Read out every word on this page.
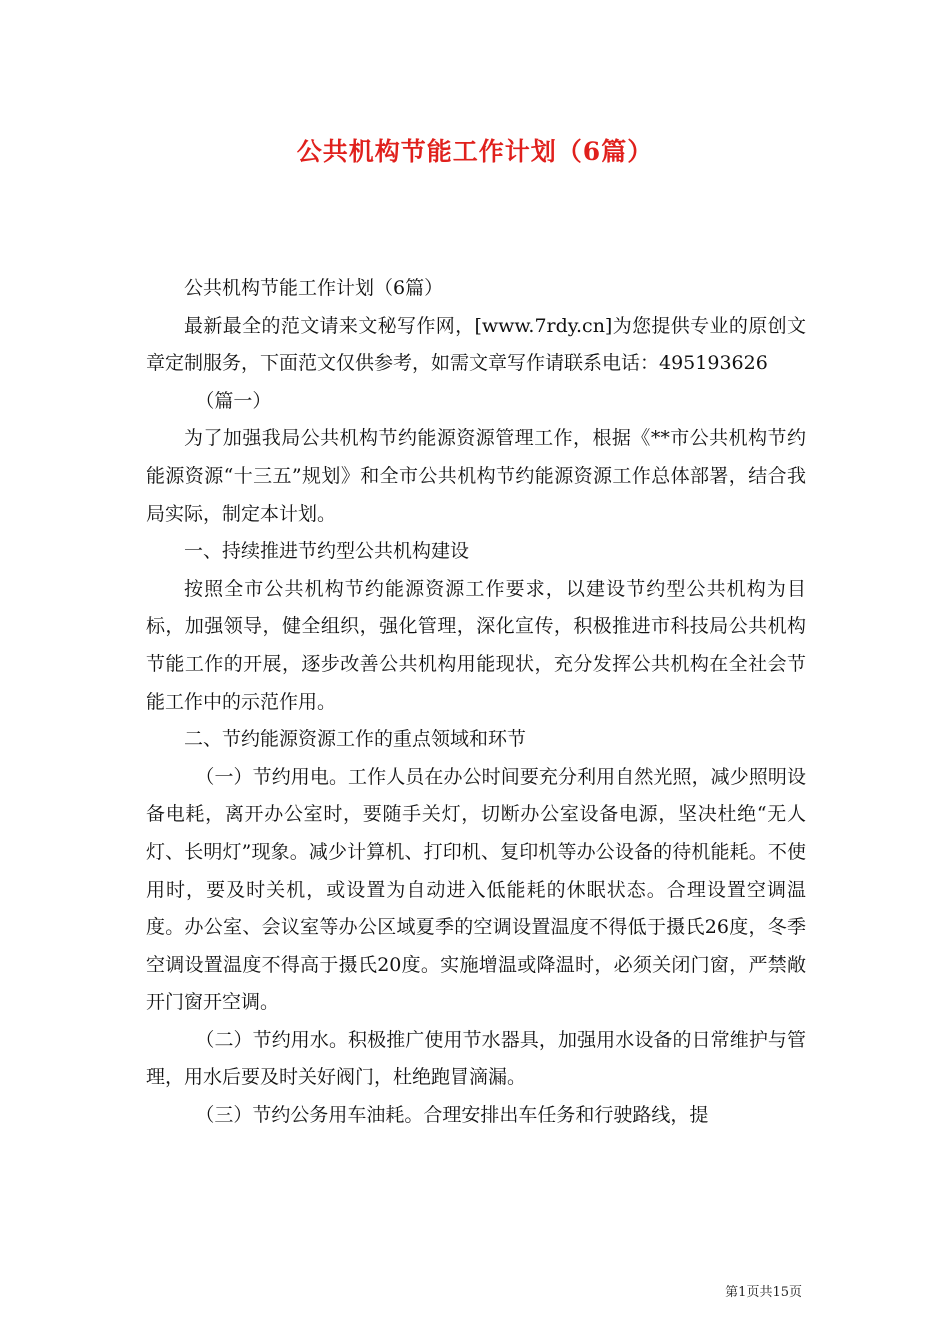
公共机构节能工作计划（6篇）

公共机构节能工作计划（6篇）

最新最全的范文请来文秘写作网，[www.7rdy.cn]为您提供专业的原创文章定制服务，下面范文仅供参考，如需文章写作请联系电话：495193626

（篇一）

为了加强我局公共机构节约能源资源管理工作，根据《**市公共机构节约能源资源“十三五”规划》和全市公共机构节约能源资源工作总体部署，结合我局实际，制定本计划。

一、持续推进节约型公共机构建设

按照全市公共机构节约能源资源工作要求，以建设节约型公共机构为目标，加强领导，健全组织，强化管理，深化宣传，积极推进市科技局公共机构节能工作的开展，逐步改善公共机构用能现状，充分发挥公共机构在全社会节能工作中的示范作用。

二、节约能源资源工作的重点领域和环节

（一）节约用电。工作人员在办公时间要充分利用自然光照，减少照明设备电耗，离开办公室时，要随手关灯，切断办公室设备电源，坚决杜绝“无人灯、长明灯”现象。减少计算机、打印机、复印机等办公设备的待机能耗。不使用时，要及时关机，或设置为自动进入低能耗的休眠状态。合理设置空调温度。办公室、会议室等办公区域夏季的空调设置温度不得低于摄氏26度，冬季空调设置温度不得高于摄氏20度。实施增温或降温时，必须关闭门窗，严禁敞开门窗开空调。

（二）节约用水。积极推广使用节水器具，加强用水设备的日常维护与管理，用水后要及时关好阀门，杜绝跑冒滴漏。

（三）节约公务用车油耗。合理安排出车任务和行驶路线，提

第1页共15页
